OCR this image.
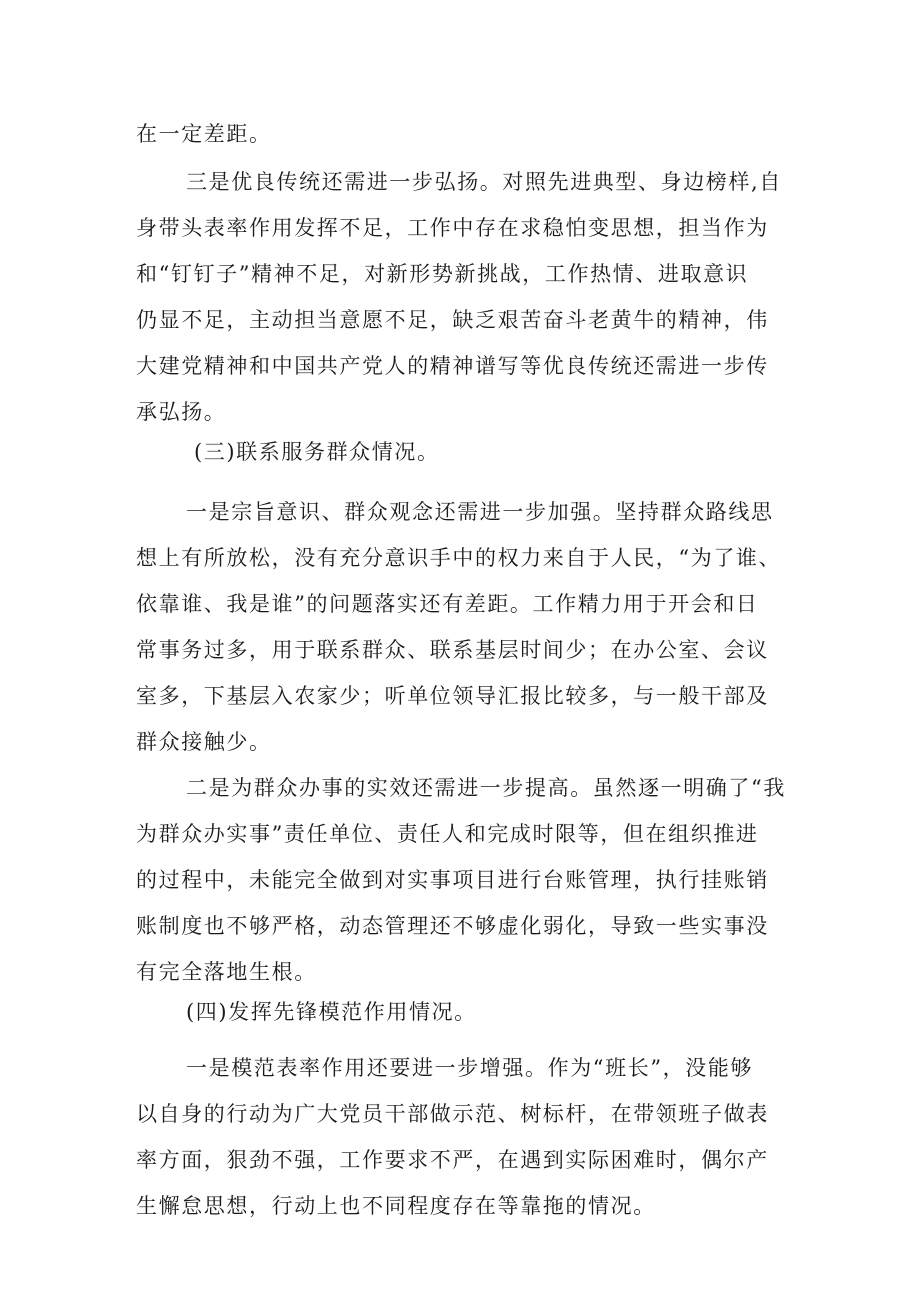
在一定差距。
三是优良传统还需进一步弘扬。对照先进典型、身边榜样,自
身带头表率作用发挥不足，工作中存在求稳怕变思想，担当作为
和“钉钉子”精神不足，对新形势新挑战，工作热情、进取意识
仍显不足，主动担当意愿不足，缺乏艰苦奋斗老黄牛的精神，伟
大建党精神和中国共产党人的精神谱写等优良传统还需进一步传
承弘扬。
(三)联系服务群众情况。
一是宗旨意识、群众观念还需进一步加强。坚持群众路线思
想上有所放松，没有充分意识手中的权力来自于人民，“为了谁、
依靠谁、我是谁”的问题落实还有差距。工作精力用于开会和日
常事务过多，用于联系群众、联系基层时间少；在办公室、会议
室多，下基层入农家少；听单位领导汇报比较多，与一般干部及
群众接触少。
二是为群众办事的实效还需进一步提高。虽然逐一明确了“我
为群众办实事”责任单位、责任人和完成时限等，但在组织推进
的过程中，未能完全做到对实事项目进行台账管理，执行挂账销
账制度也不够严格，动态管理还不够虚化弱化，导致一些实事没
有完全落地生根。
(四)发挥先锋模范作用情况。
一是模范表率作用还要进一步增强。作为“班长”，没能够
以自身的行动为广大党员干部做示范、树标杆，在带领班子做表
率方面，狠劲不强，工作要求不严，在遇到实际困难时，偶尔产
生懈怠思想，行动上也不同程度存在等靠拖的情况。
